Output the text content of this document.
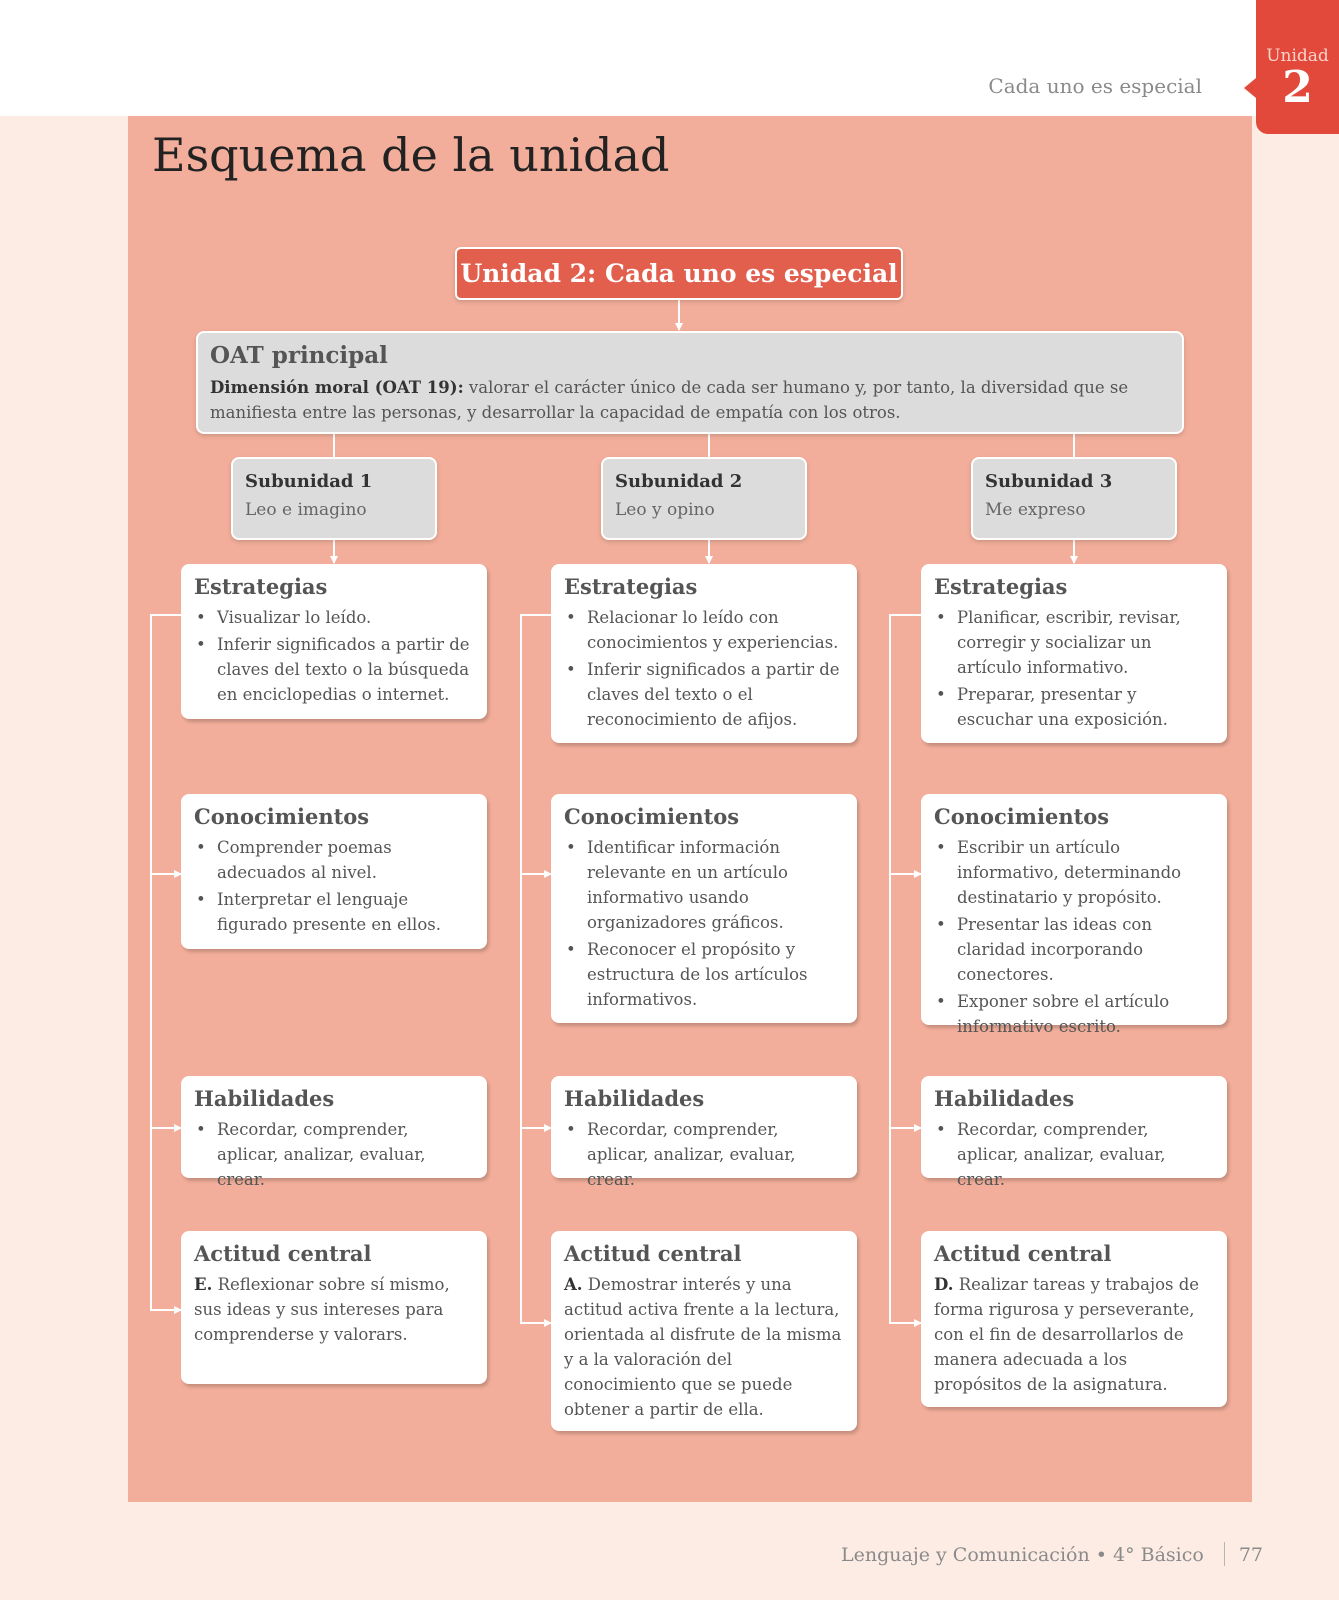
Cada uno es especial
Unidad
2
Esquema de la unidad
Unidad 2: Cada uno es especial
OAT principal
Dimensión moral (OAT 19): valorar el carácter único de cada ser humano y, por tanto, la diversidad que se manifiesta entre las personas, y desarrollar la capacidad de empatía con los otros.
Subunidad 1
Leo e imagino
Subunidad 2
Leo y opino
Subunidad 3
Me expreso
Estrategias
• Visualizar lo leído.
• Inferir significados a partir de claves del texto o la búsqueda en enciclopedias o internet.
Conocimientos
• Comprender poemas adecuados al nivel.
• Interpretar el lenguaje figurado presente en ellos.
Habilidades
• Recordar, comprender, aplicar, analizar, evaluar, crear.
Actitud central

E. Reflexionar sobre sí mismo, sus ideas y sus intereses para comprenderse y valorars.

Estrategias
• Relacionar lo leído con conocimientos y experiencias.
• Inferir significados a partir de claves del texto o el reconocimiento de afijos.
Conocimientos
• Identificar información relevante en un artículo informativo usando organizadores gráficos.
• Reconocer el propósito y estructura de los artículos informativos.
Habilidades
• Recordar, comprender, aplicar, analizar, evaluar, crear.
Actitud central

A. Demostrar interés y una actitud activa frente a la lectura, orientada al disfrute de la misma y a la valoración del conocimiento que se puede obtener a partir de ella.

Estrategias
• Planificar, escribir, revisar, corregir y socializar un artículo informativo.
• Preparar, presentar y escuchar una exposición.
Conocimientos
• Escribir un artículo informativo, determinando destinatario y propósito.
• Presentar las ideas con claridad incorporando conectores.
• Exponer sobre el artículo informativo escrito.
Habilidades
• Recordar, comprender, aplicar, analizar, evaluar, crear.
Actitud central

D. Realizar tareas y trabajos de forma rigurosa y perseverante, con el fin de desarrollarlos de manera adecuada a los propósitos de la asignatura.

Lenguaje y Comunicación • 4° Básico 77
